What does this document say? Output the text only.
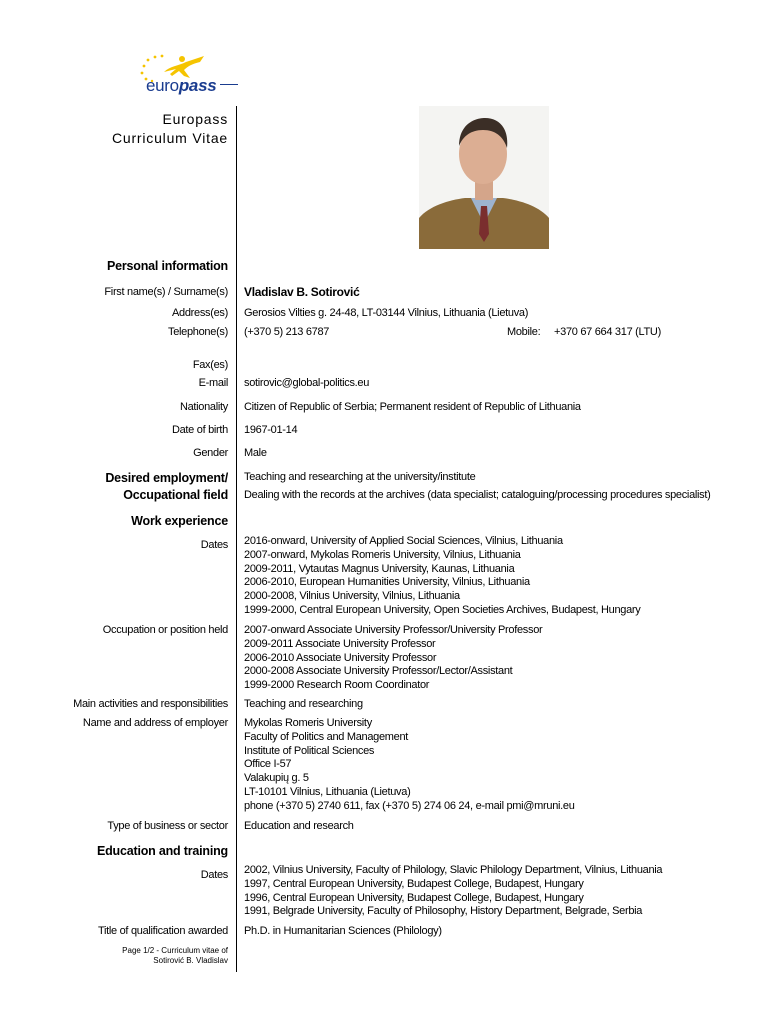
europass
Europass
Curriculum Vitae
Personal information
First name(s) / Surname(s) Vladislav B. Sotirović
Address(es) Gerosios Vilties g. 24-48, LT-03144 Vilnius, Lithuania (Lietuva)
Telephone(s) (+370 5) 213 6787	Mobile: +370 67 664 317 (LTU)
Fax(es)
E-mail sotirovic@global-politics.eu
Nationality Citizen of Republic of Serbia; Permanent resident of Republic of Lithuania
Date of birth 1967-01-14
Gender Male
Desired employment/
Occupational field
Teaching and researching at the university/institute
Dealing with the records at the archives (data specialist; cataloguing/processing procedures specialist)
Work experience
Dates 2016-onward, University of Applied Social Sciences, Vilnius, Lithuania
2007-onward, Mykolas Romeris University, Vilnius, Lithuania
2009-2011, Vytautas Magnus University, Kaunas, Lithuania
2006-2010, European Humanities University, Vilnius, Lithuania
2000-2008, Vilnius University, Vilnius, Lithuania
1999-2000, Central European University, Open Societies Archives, Budapest, Hungary
Occupation or position held 2007-onward Associate University Professor/University Professor
2009-2011 Associate University Professor
2006-2010 Associate University Professor
2000-2008 Associate University Professor/Lector/Assistant
1999-2000 Research Room Coordinator
Main activities and responsibilities Teaching and researching
Name and address of employer Mykolas Romeris University
Faculty of Politics and Management
Institute of Political Sciences
Office I-57
Valakupių g. 5
LT-10101 Vilnius, Lithuania (Lietuva)
phone (+370 5) 2740 611, fax (+370 5) 274 06 24, e-mail pmi@mruni.eu
Type of business or sector Education and research
Education and training
Dates 2002, Vilnius University, Faculty of Philology, Slavic Philology Department, Vilnius, Lithuania
1997, Central European University, Budapest College, Budapest, Hungary
1996, Central European University, Budapest College, Budapest, Hungary
1991, Belgrade University, Faculty of Philosophy, History Department, Belgrade, Serbia
Title of qualification awarded Ph.D. in Humanitarian Sciences (Philology)
Page 1/2 - Curriculum vitae of
Sotirović B. Vladislav
